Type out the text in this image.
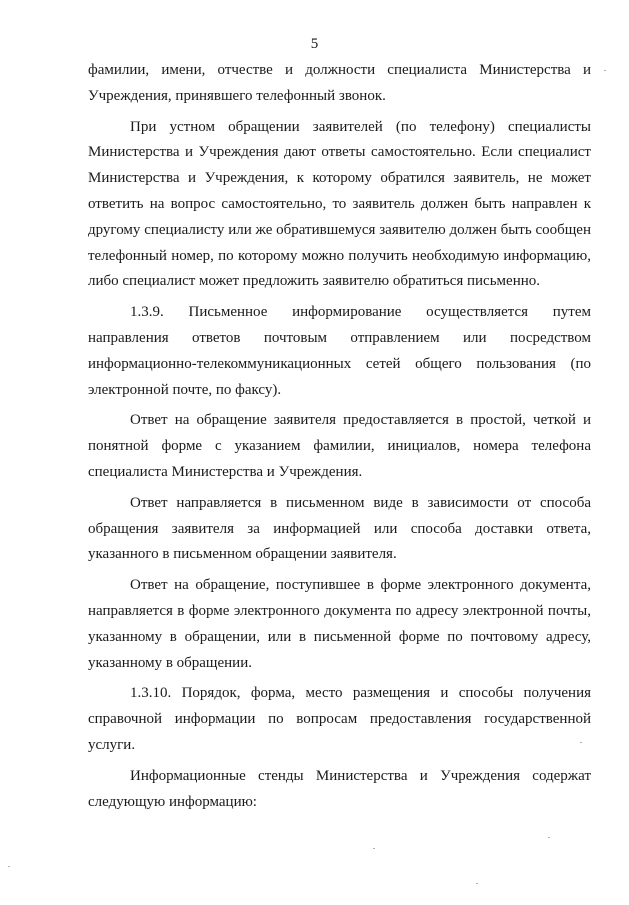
5

фамилии, имени, отчестве и должности специалиста Министерства и Учреждения, принявшего телефонный звонок.

При устном обращении заявителей (по телефону) специалисты Министерства и Учреждения дают ответы самостоятельно. Если специалист Министерства и Учреждения, к которому обратился заявитель, не может ответить на вопрос самостоятельно, то заявитель должен быть направлен к другому специалисту или же обратившемуся заявителю должен быть сообщен телефонный номер, по которому можно получить необходимую информацию, либо специалист может предложить заявителю обратиться письменно.

1.3.9. Письменное информирование осуществляется путем направления ответов почтовым отправлением или посредством информационно-телекоммуникационных сетей общего пользования (по электронной почте, по факсу).

Ответ на обращение заявителя предоставляется в простой, четкой и понятной форме с указанием фамилии, инициалов, номера телефона специалиста Министерства и Учреждения.

Ответ направляется в письменном виде в зависимости от способа обращения заявителя за информацией или способа доставки ответа, указанного в письменном обращении заявителя.

Ответ на обращение, поступившее в форме электронного документа, направляется в форме электронного документа по адресу электронной почты, указанному в обращении, или в письменной форме по почтовому адресу, указанному в обращении.

1.3.10. Порядок, форма, место размещения и способы получения справочной информации по вопросам предоставления государственной услуги.

Информационные стенды Министерства и Учреждения содержат следующую информацию:
